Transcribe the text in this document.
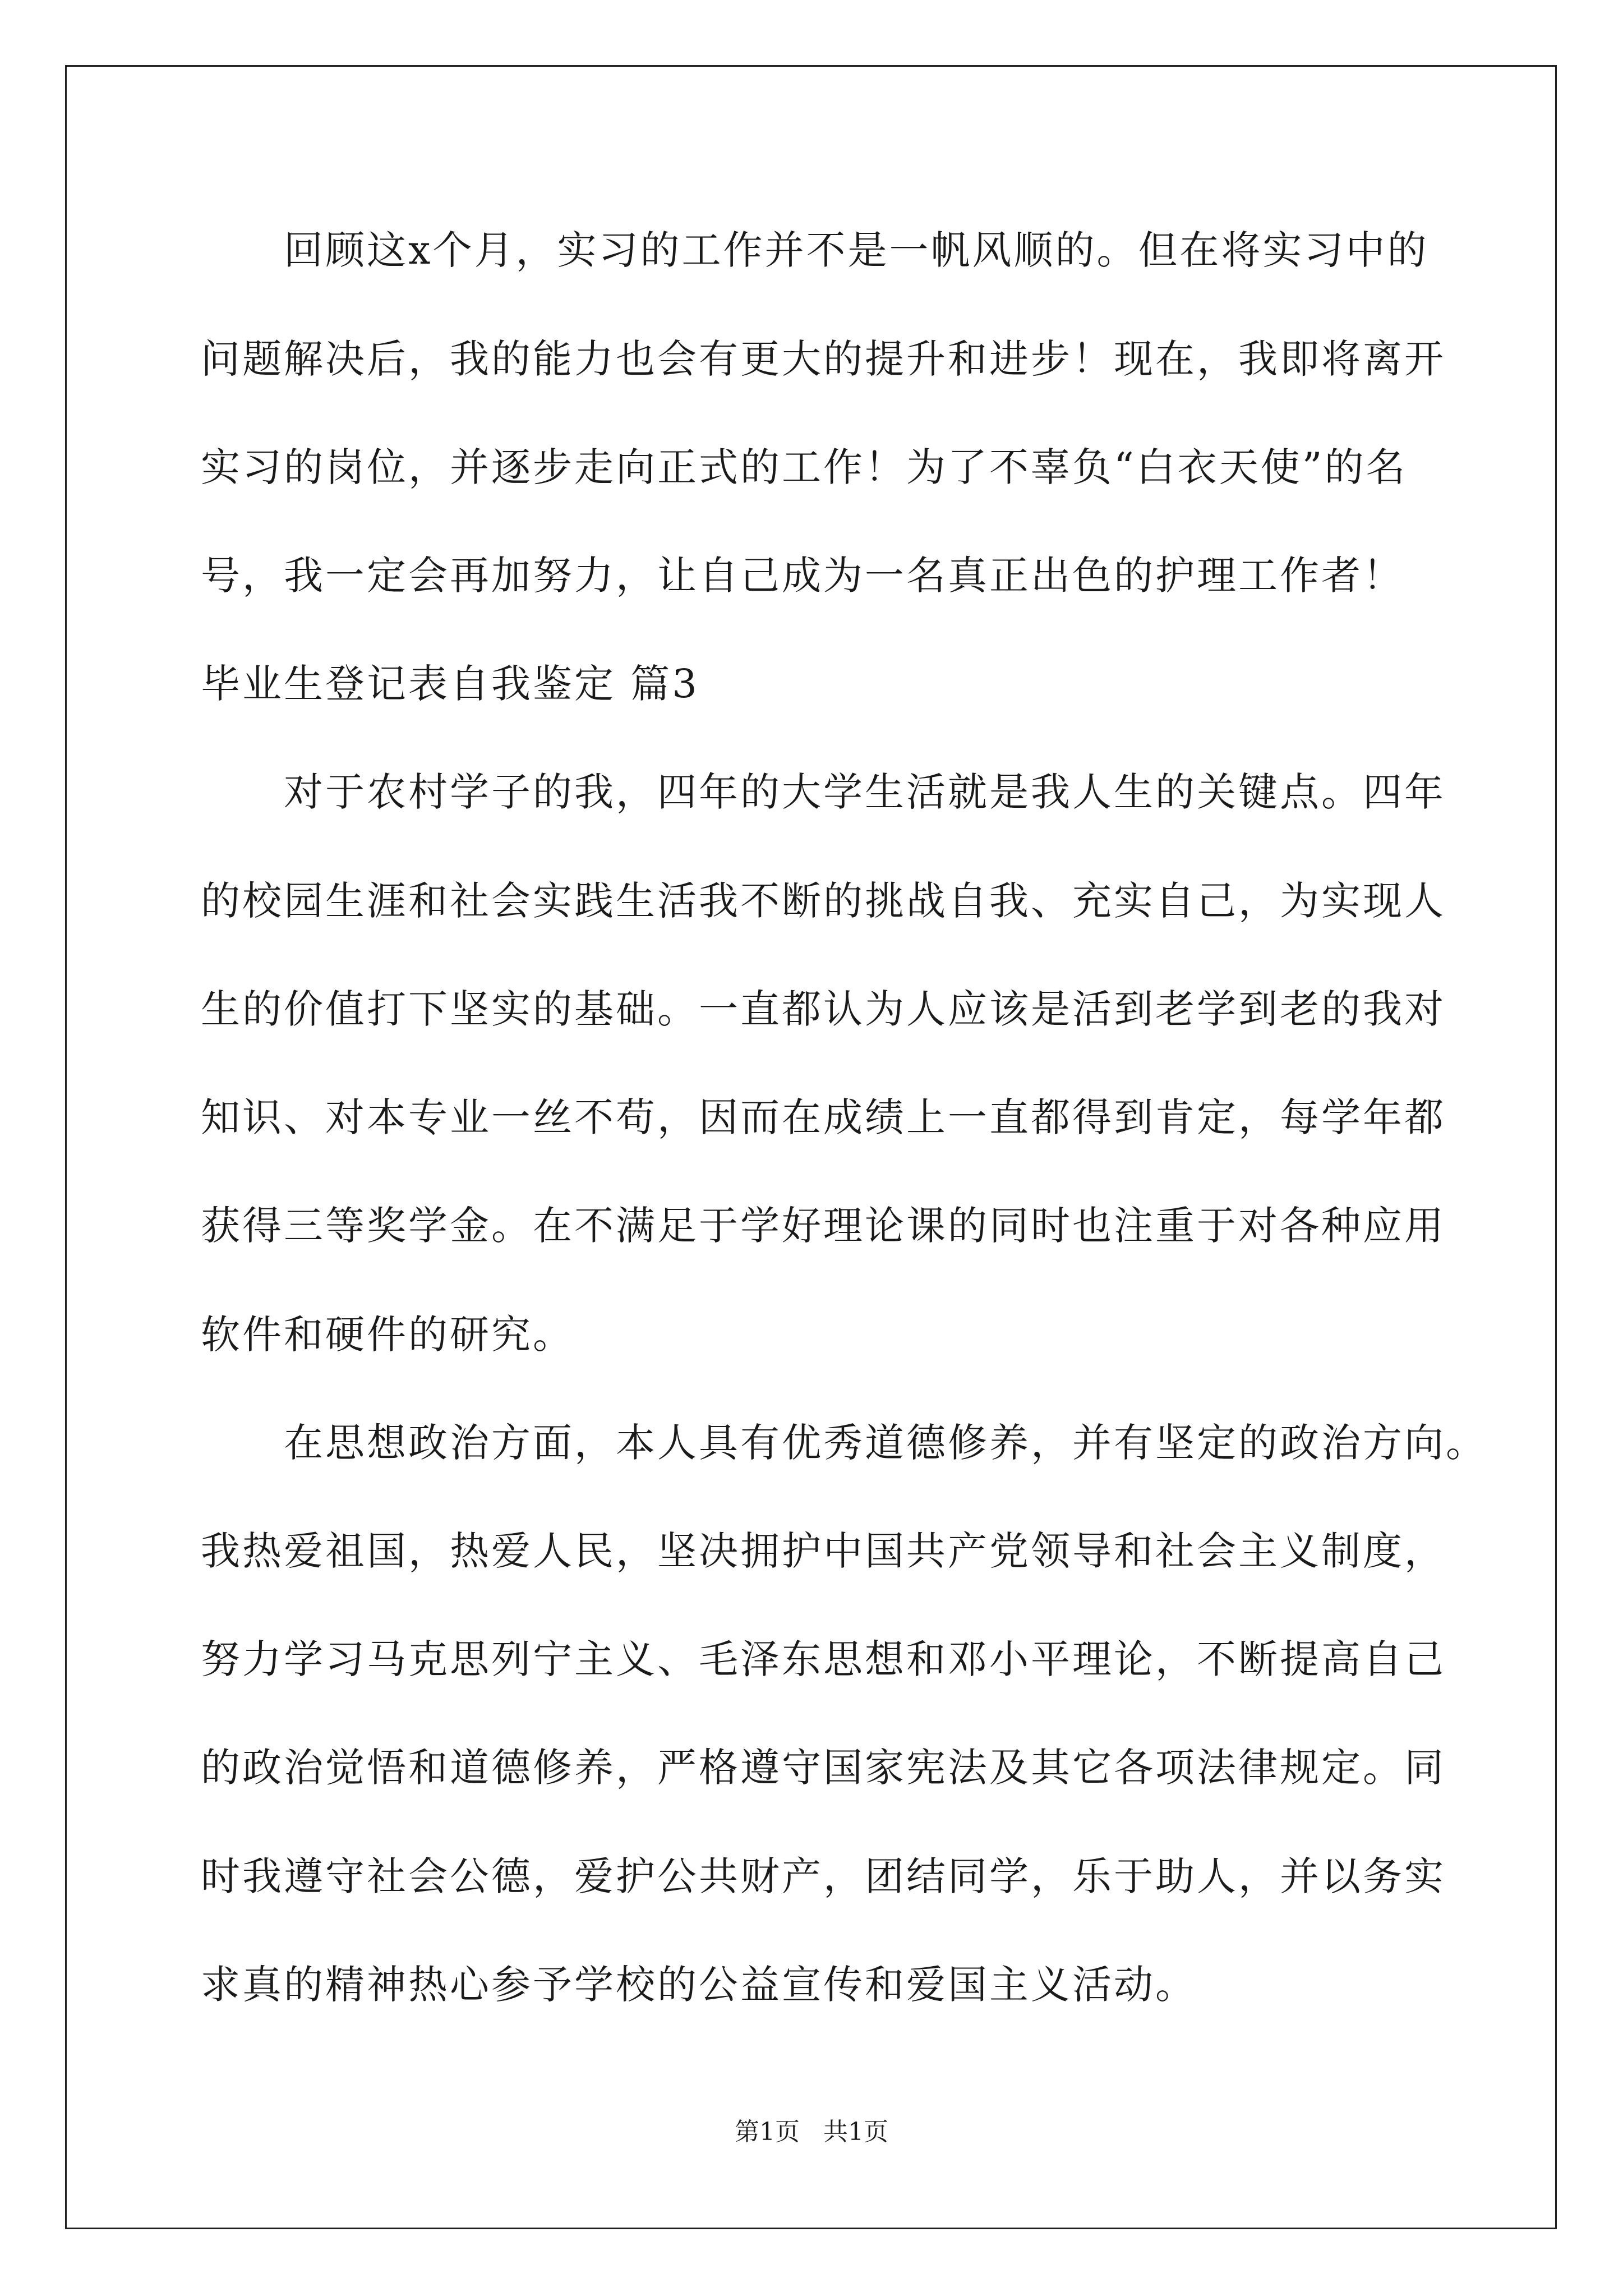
　　回顾这x个月，实习的工作并不是一帆风顺的。但在将实习中的
问题解决后，我的能力也会有更大的提升和进步！现在，我即将离开
实习的岗位，并逐步走向正式的工作！为了不辜负“白衣天使”的名
号，我一定会再加努力，让自己成为一名真正出色的护理工作者！
毕业生登记表自我鉴定 篇3
　　对于农村学子的我，四年的大学生活就是我人生的关键点。四年
的校园生涯和社会实践生活我不断的挑战自我、充实自己，为实现人
生的价值打下坚实的基础。一直都认为人应该是活到老学到老的我对
知识、对本专业一丝不苟，因而在成绩上一直都得到肯定，每学年都
获得三等奖学金。在不满足于学好理论课的同时也注重于对各种应用
软件和硬件的研究。
　　在思想政治方面，本人具有优秀道德修养，并有坚定的政治方向。
我热爱祖国，热爱人民，坚决拥护中国共产党领导和社会主义制度，
努力学习马克思列宁主义、毛泽东思想和邓小平理论，不断提高自己
的政治觉悟和道德修养，严格遵守国家宪法及其它各项法律规定。同
时我遵守社会公德，爱护公共财产，团结同学，乐于助人，并以务实
求真的精神热心参予学校的公益宣传和爱国主义活动。
第1页   共1页
